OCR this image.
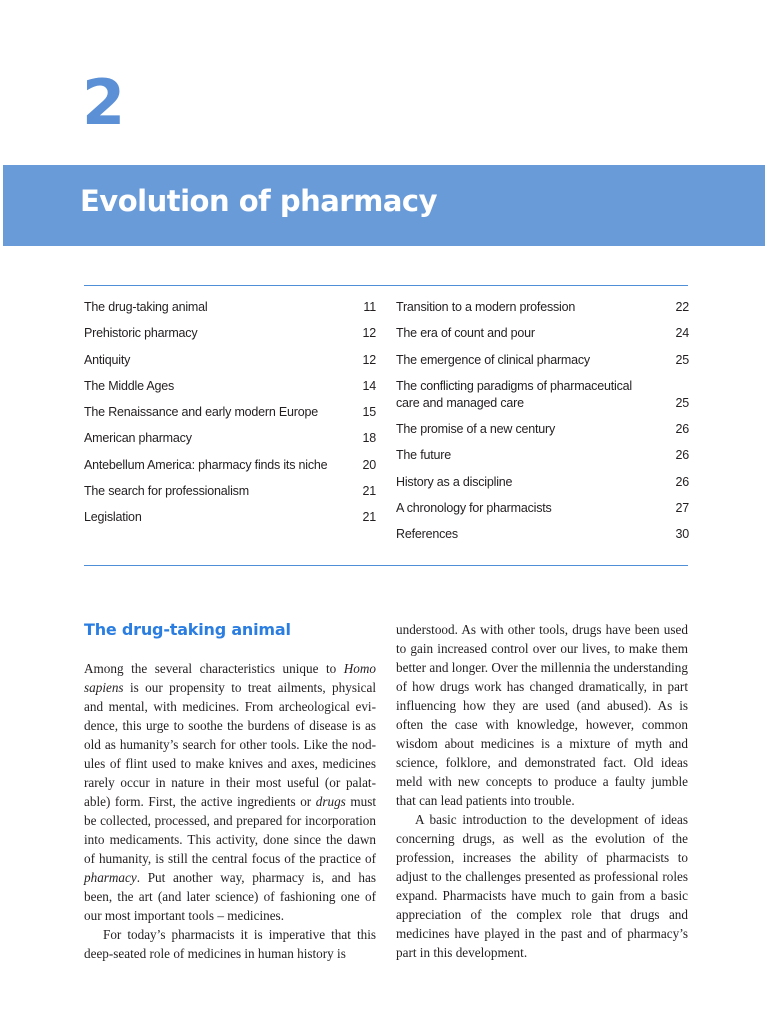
2
Evolution of pharmacy
The drug-taking animal	11
Prehistoric pharmacy	12
Antiquity	12
The Middle Ages	14
The Renaissance and early modern Europe	15
American pharmacy	18
Antebellum America: pharmacy finds its niche	20
The search for professionalism	21
Legislation	21
Transition to a modern profession	22
The era of count and pour	24
The emergence of clinical pharmacy	25
The conflicting paradigms of pharmaceutical care and managed care	25
The promise of a new century	26
The future	26
History as a discipline	26
A chronology for pharmacists	27
References	30
The drug-taking animal

Among the several characteristics unique to Homo sapiens is our propensity to treat ailments, physical and mental, with medicines. From archeological evidence, this urge to soothe the burdens of disease is as old as humanity’s search for other tools. Like the nodules of flint used to make knives and axes, medicines rarely occur in nature in their most useful (or palatable) form. First, the active ingredients or drugs must be collected, processed, and prepared for incorporation into medicaments. This activity, done since the dawn of humanity, is still the central focus of the practice of pharmacy. Put another way, pharmacy is, and has been, the art (and later science) of fashioning one of our most important tools – medicines.

For today’s pharmacists it is imperative that this deep-seated role of medicines in human history is

understood. As with other tools, drugs have been used to gain increased control over our lives, to make them better and longer. Over the millennia the understanding of how drugs work has changed dramatically, in part influencing how they are used (and abused). As is often the case with knowledge, however, common wisdom about medicines is a mixture of myth and science, folklore, and demonstrated fact. Old ideas meld with new concepts to produce a faulty jumble that can lead patients into trouble.

A basic introduction to the development of ideas concerning drugs, as well as the evolution of the profession, increases the ability of pharmacists to adjust to the challenges presented as professional roles expand. Pharmacists have much to gain from a basic appreciation of the complex role that drugs and medicines have played in the past and of pharmacy’s part in this development.
